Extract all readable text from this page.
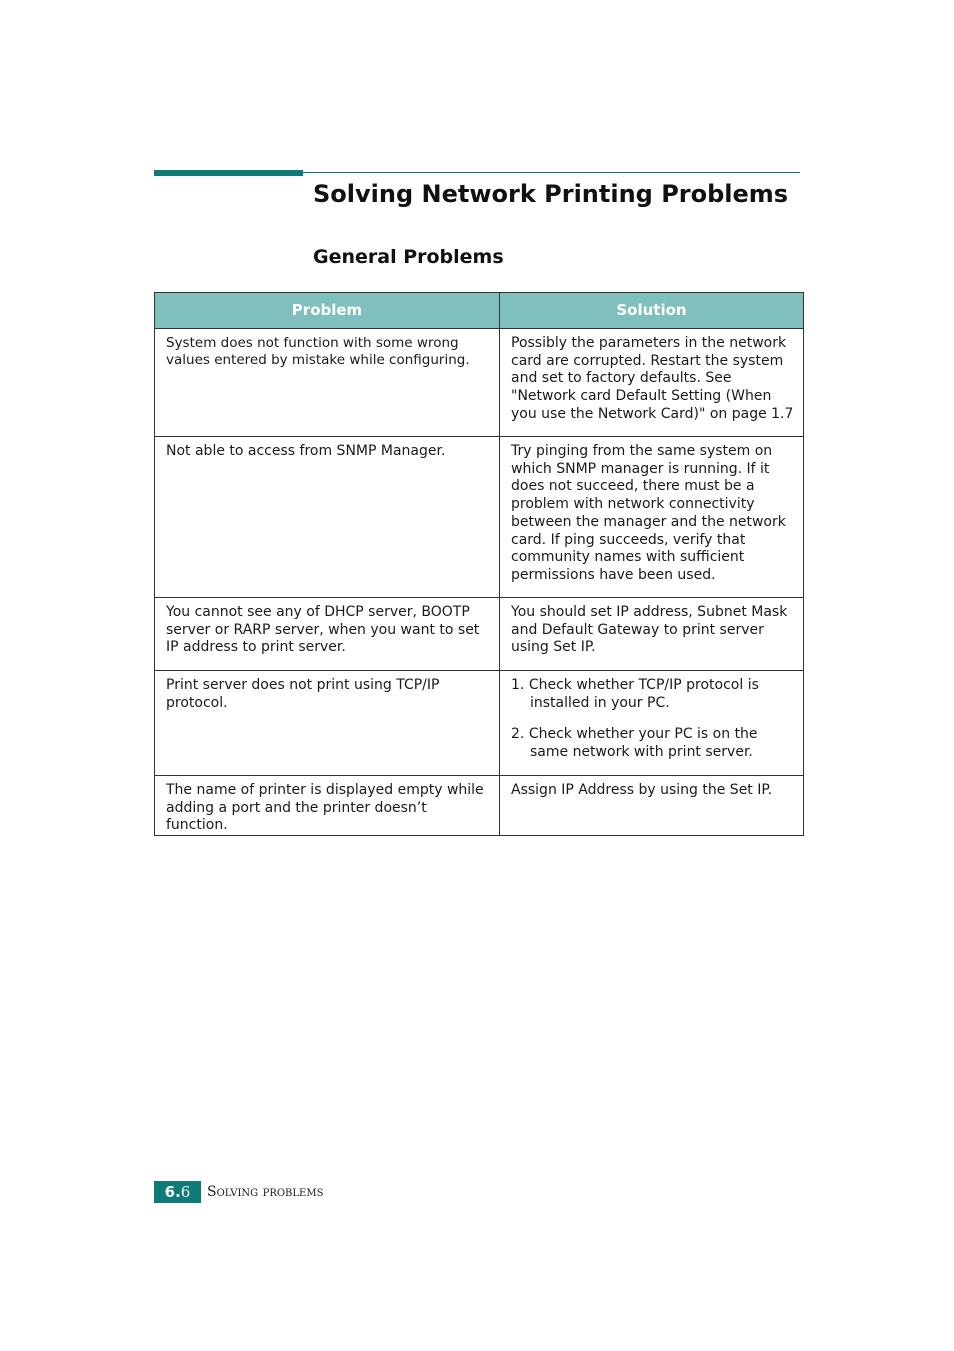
Solving Network Printing Problems
General Problems
Problem	Solution
System does not function with some wrong values entered by mistake while configuring.	Possibly the parameters in the network card are corrupted. Restart the system and set to factory defaults. See "Network card Default Setting (When you use the Network Card)" on page 1.7
Not able to access from SNMP Manager.	Try pinging from the same system on which SNMP manager is running. If it does not succeed, there must be a problem with network connectivity between the manager and the network card. If ping succeeds, verify that community names with sufficient permissions have been used.
You cannot see any of DHCP server, BOOTP server or RARP server, when you want to set IP address to print server.	You should set IP address, Subnet Mask and Default Gateway to print server using Set IP.
Print server does not print using TCP/IP protocol.	1. Check whether TCP/IP protocol is
installed in your PC.
2. Check whether your PC is on the
same network with print server.

The name of printer is displayed empty while adding a port and the printer doesn’t function.	Assign IP Address by using the Set IP.
6.6	Solving problems
